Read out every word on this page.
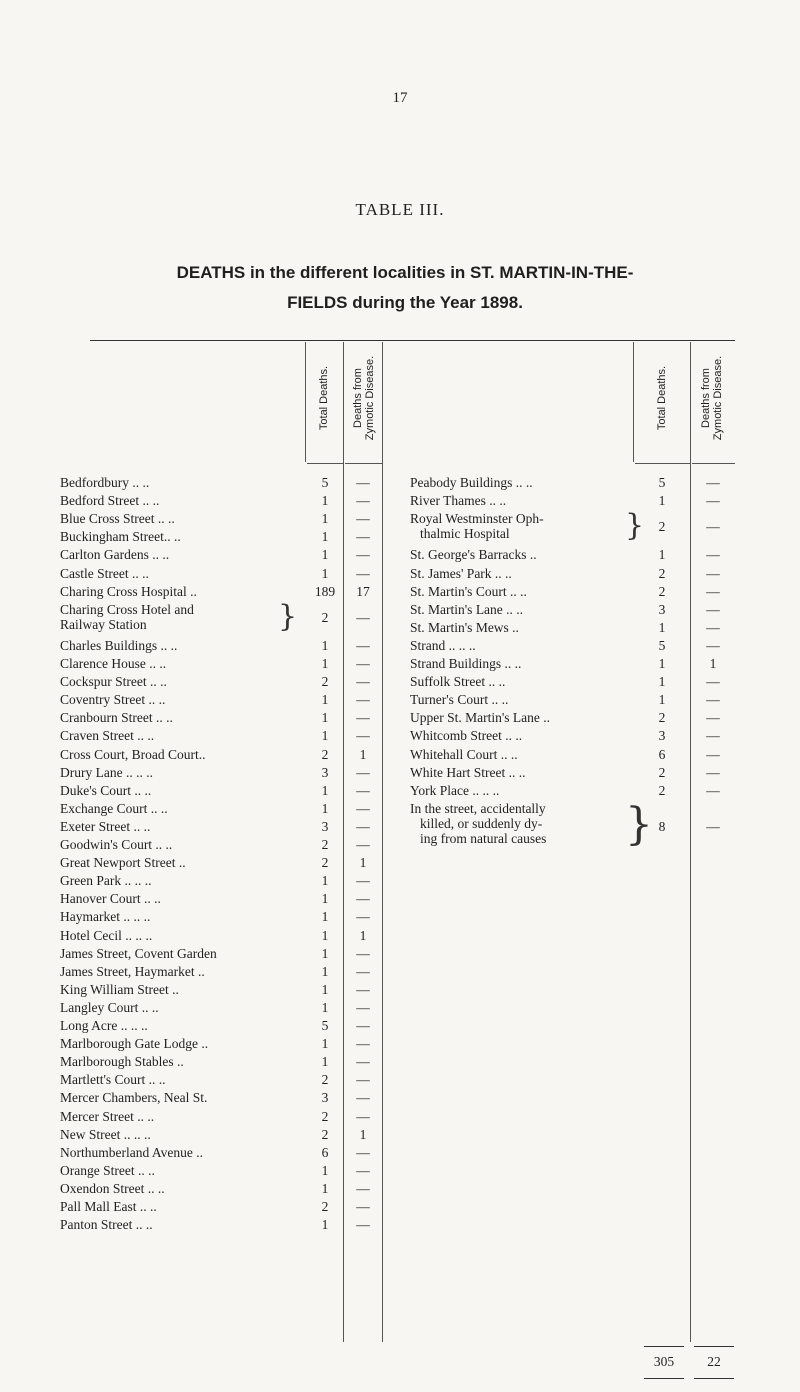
17
TABLE III.
DEATHS in the different localities in ST. MARTIN-IN-THE-
FIELDS during the Year 1898.
Total Deaths. Deaths from Zymotic Disease.	Total Deaths.	Deaths from Zymotic Disease.
Bedfordbury .. ..	5	—
Bedford Street .. ..	1	—
Blue Cross Street .. ..	1	—
Buckingham Street.. ..	1	—
Carlton Gardens .. ..	1	—
Castle Street .. ..	1	—
Charing Cross Hospital ..	189	17
Charing Cross Hotel and
Railway Station	}	2	—
Charles Buildings .. ..	1	—
Clarence House .. ..	1	—
Cockspur Street .. ..	2	—
Coventry Street .. ..	1	—
Cranbourn Street .. ..	1	—
Craven Street .. ..	1	—
Cross Court, Broad Court..	2	1
Drury Lane .. .. ..	3	—
Duke's Court .. ..	1	—
Exchange Court .. ..	1	—
Exeter Street .. ..	3	—
Goodwin's Court .. ..	2	—
Great Newport Street ..	2	1
Green Park .. .. ..	1	—
Hanover Court .. ..	1	—
Haymarket .. .. ..	1	—
Hotel Cecil .. .. ..	1	1
James Street, Covent Garden	1	—
James Street, Haymarket ..	1	—
King William Street ..	1	—
Langley Court .. ..	1	—
Long Acre .. .. ..	5	—
Marlborough Gate Lodge ..	1	—
Marlborough Stables ..	1	—
Martlett's Court .. ..	2	—
Mercer Chambers, Neal St.	3	—
Mercer Street .. ..	2	—
New Street .. .. ..	2	1
Northumberland Avenue ..	6	—
Orange Street .. ..	1	—
Oxendon Street .. ..	1	—
Pall Mall East .. ..	2	—
Panton Street .. ..	1	—
Peabody Buildings .. ..	5	—
River Thames .. ..	1	—
Royal Westminster Oph-
thalmic Hospital	}	2	—
St. George's Barracks ..	1	—
St. James' Park .. ..	2	—
St. Martin's Court .. ..	2	—
St. Martin's Lane .. ..	3	—
St. Martin's Mews ..	1	—
Strand .. .. ..	5	—
Strand Buildings .. ..	1	1
Suffolk Street .. ..	1	—
Turner's Court .. ..	1	—
Upper St. Martin's Lane ..	2	—
Whitcomb Street .. ..	3	—
Whitehall Court .. ..	6	—
White Hart Street .. ..	2	—
York Place .. .. ..	2	—
In the street, accidentally
killed, or suddenly dy-
ing from natural causes } 8	—
305	22
